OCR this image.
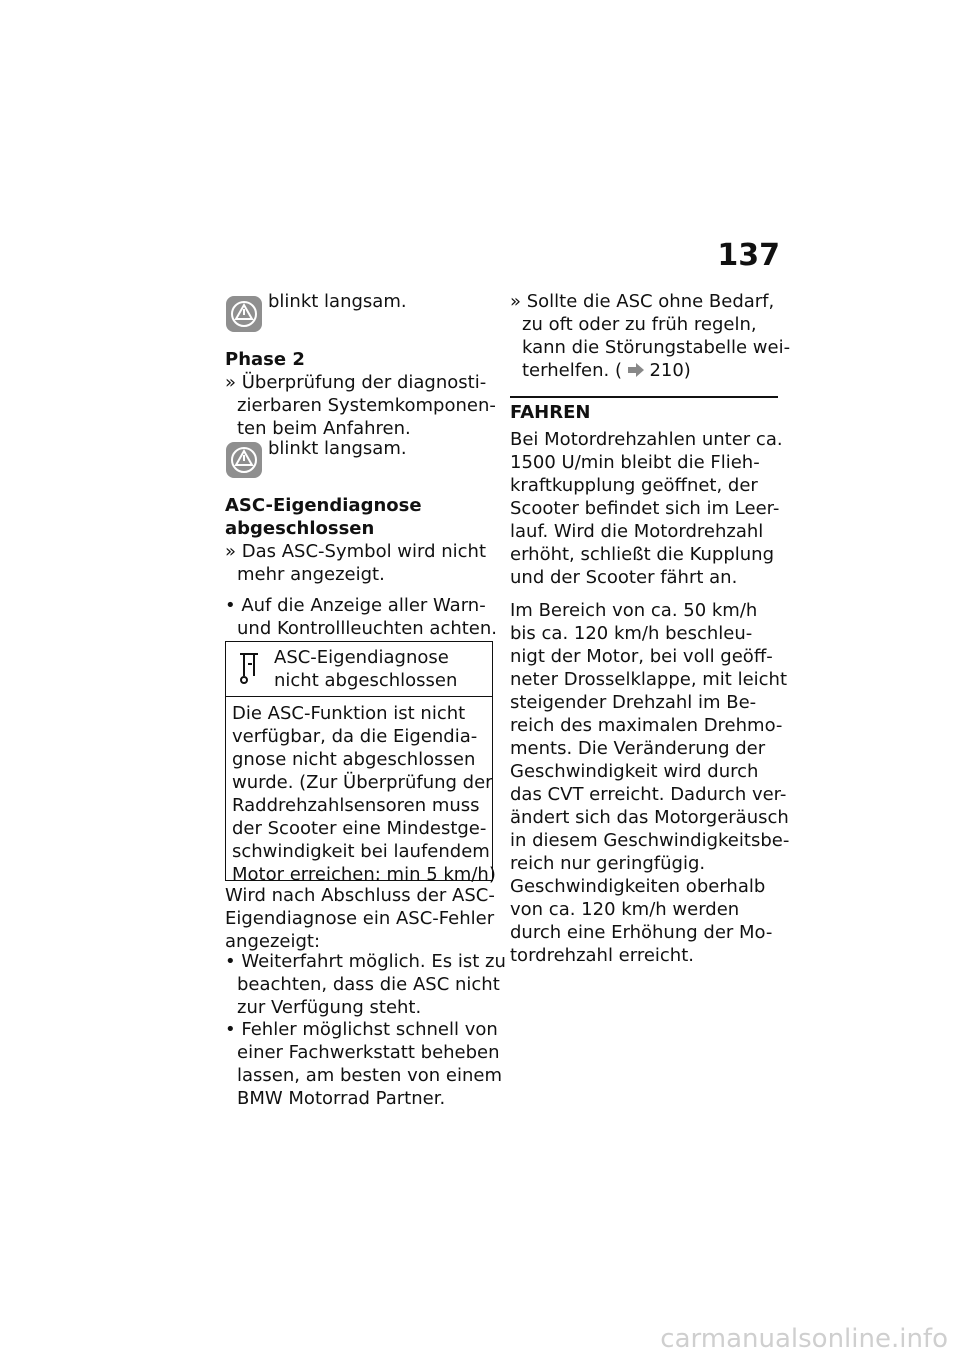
137
blinkt langsam.
Phase 2
» Überprüfung der diagnosti-
zierbaren Systemkomponen-
ten beim Anfahren.
blinkt langsam.
ASC-Eigendiagnose
abgeschlossen
» Das ASC-Symbol wird nicht
mehr angezeigt.
• Auf die Anzeige aller Warn-
und Kontrollleuchten achten.
ASC-Eigendiagnose
nicht abgeschlossen
Die ASC-Funktion ist nicht
verfügbar, da die Eigendia-
gnose nicht abgeschlossen
wurde. (Zur Überprüfung der
Raddrehzahlsensoren muss
der Scooter eine Mindestge-
schwindigkeit bei laufendem
Motor erreichen: min 5 km/h)
Wird nach Abschluss der ASC-
Eigendiagnose ein ASC-Fehler
angezeigt:
• Weiterfahrt möglich. Es ist zu
beachten, dass die ASC nicht
zur Verfügung steht.
• Fehler möglichst schnell von
einer Fachwerkstatt beheben
lassen, am besten von einem
BMW Motorrad Partner.
» Sollte die ASC ohne Bedarf,
zu oft oder zu früh regeln,
kann die Störungstabelle wei-
terhelfen. ( 210)
FAHREN
Bei Motordrehzahlen unter ca.
1500 U/min bleibt die Flieh-
kraftkupplung geöffnet, der
Scooter befindet sich im Leer-
lauf. Wird die Motordrehzahl
erhöht, schließt die Kupplung
und der Scooter fährt an.
Im Bereich von ca. 50 km/h
bis ca. 120 km/h beschleu-
nigt der Motor, bei voll geöff-
neter Drosselklappe, mit leicht
steigender Drehzahl im Be-
reich des maximalen Drehmo-
ments. Die Veränderung der
Geschwindigkeit wird durch
das CVT erreicht. Dadurch ver-
ändert sich das Motorgeräusch
in diesem Geschwindigkeitsbe-
reich nur geringfügig.
Geschwindigkeiten oberhalb
von ca. 120 km/h werden
durch eine Erhöhung der Mo-
tordrehzahl erreicht.
carmanualsonline.info
